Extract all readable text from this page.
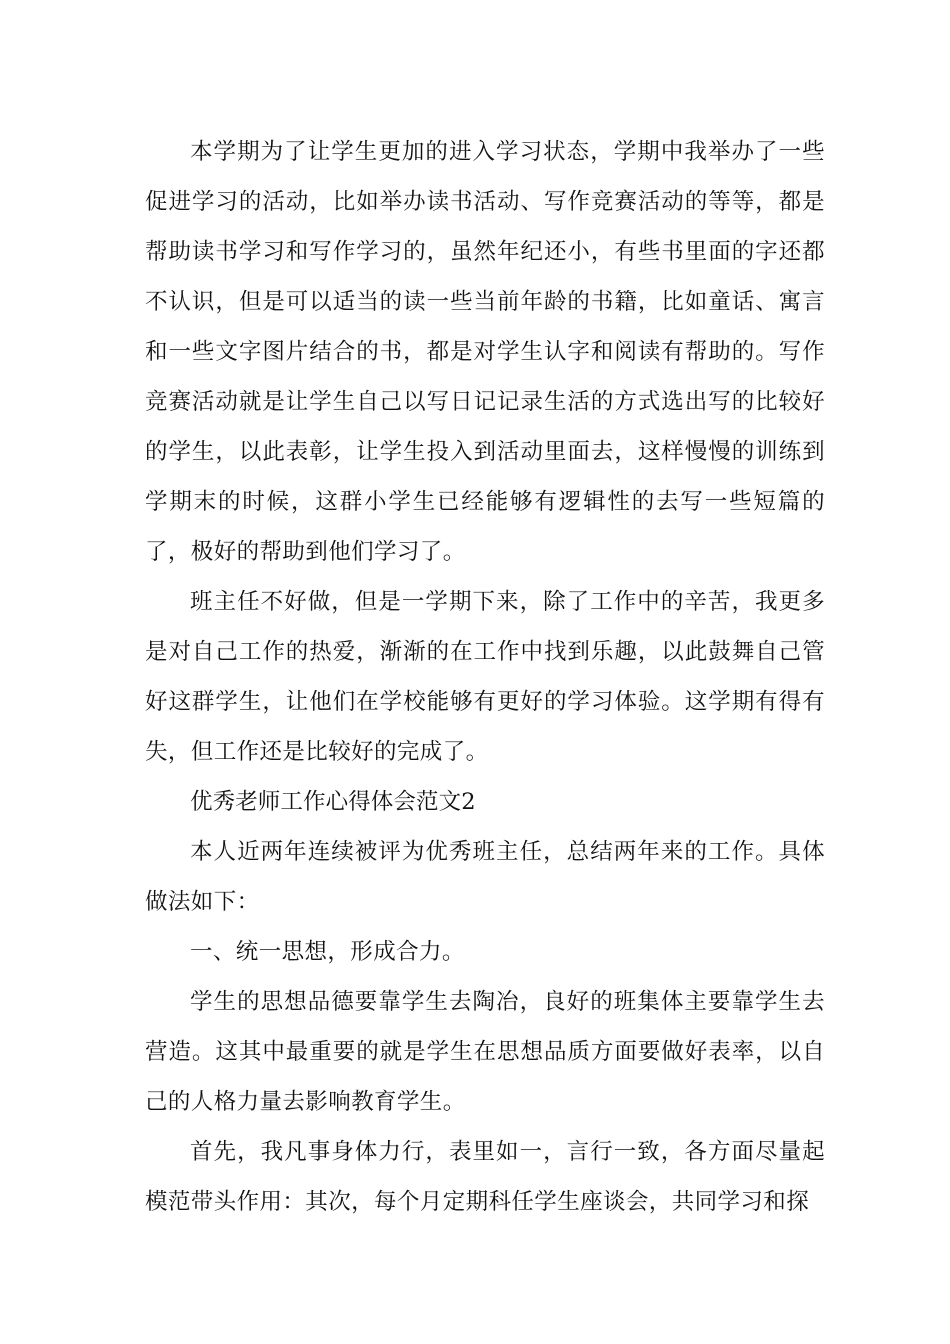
本学期为了让学生更加的进入学习状态，学期中我举办了一些促进学习的活动，比如举办读书活动、写作竞赛活动的等等，都是帮助读书学习和写作学习的，虽然年纪还小，有些书里面的字还都不认识，但是可以适当的读一些当前年龄的书籍，比如童话、寓言和一些文字图片结合的书，都是对学生认字和阅读有帮助的。写作竞赛活动就是让学生自己以写日记记录生活的方式选出写的比较好的学生，以此表彰，让学生投入到活动里面去，这样慢慢的训练到学期末的时候，这群小学生已经能够有逻辑性的去写一些短篇的了，极好的帮助到他们学习了。

班主任不好做，但是一学期下来，除了工作中的辛苦，我更多是对自己工作的热爱，渐渐的在工作中找到乐趣，以此鼓舞自己管好这群学生，让他们在学校能够有更好的学习体验。这学期有得有失，但工作还是比较好的完成了。

优秀老师工作心得体会范文2

本人近两年连续被评为优秀班主任，总结两年来的工作。具体做法如下：

一、统一思想，形成合力。

学生的思想品德要靠学生去陶冶，良好的班集体主要靠学生去营造。这其中最重要的就是学生在思想品质方面要做好表率，以自己的人格力量去影响教育学生。

首先，我凡事身体力行，表里如一，言行一致，各方面尽量起模范带头作用：其次，每个月定期科任学生座谈会，共同学习和探
